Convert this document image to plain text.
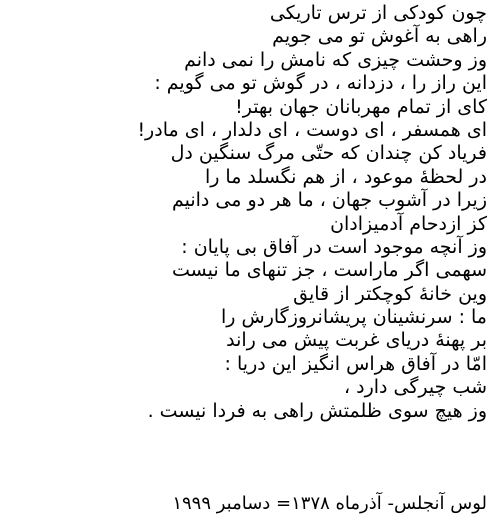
چون کودکی از ترس تاریکی
راهی به آغوش تو می جویم
وز وحشت چیزی که نامش را نمی دانم
این راز را ، دزدانه ، در گوش تو می گویم :
کای از تمام مهربانان جهان بهتر!
ای همسفر ، ای دوست ، ای دلدار ، ای مادر!
فریاد کن چندان که حتّی مرگ سنگین دل
در لحظهٔ موعود ، از هم نگسلد ما را
زیرا در آشوب جهان ، ما هر دو می دانیم
کز ازدحام آدمیزادان
وز آنچه موجود است در آفاق بی پایان :
سهمی اگر ماراست ، جز تنهای ما نیست
وین خانهٔ کوچکتر از قایق
ما : سرنشینان پریشانروزگارش را
بر پهنهٔ دریای غربت پیش می راند
امّا در آفاق هراس انگیز این دریا :
شب چیرگی دارد ،
وز هیچ سوی ظلمتش راهی به فردا نیست .
لوس آنجلس- آذرماه ۱۳۷۸= دسامبر ۱۹۹۹
